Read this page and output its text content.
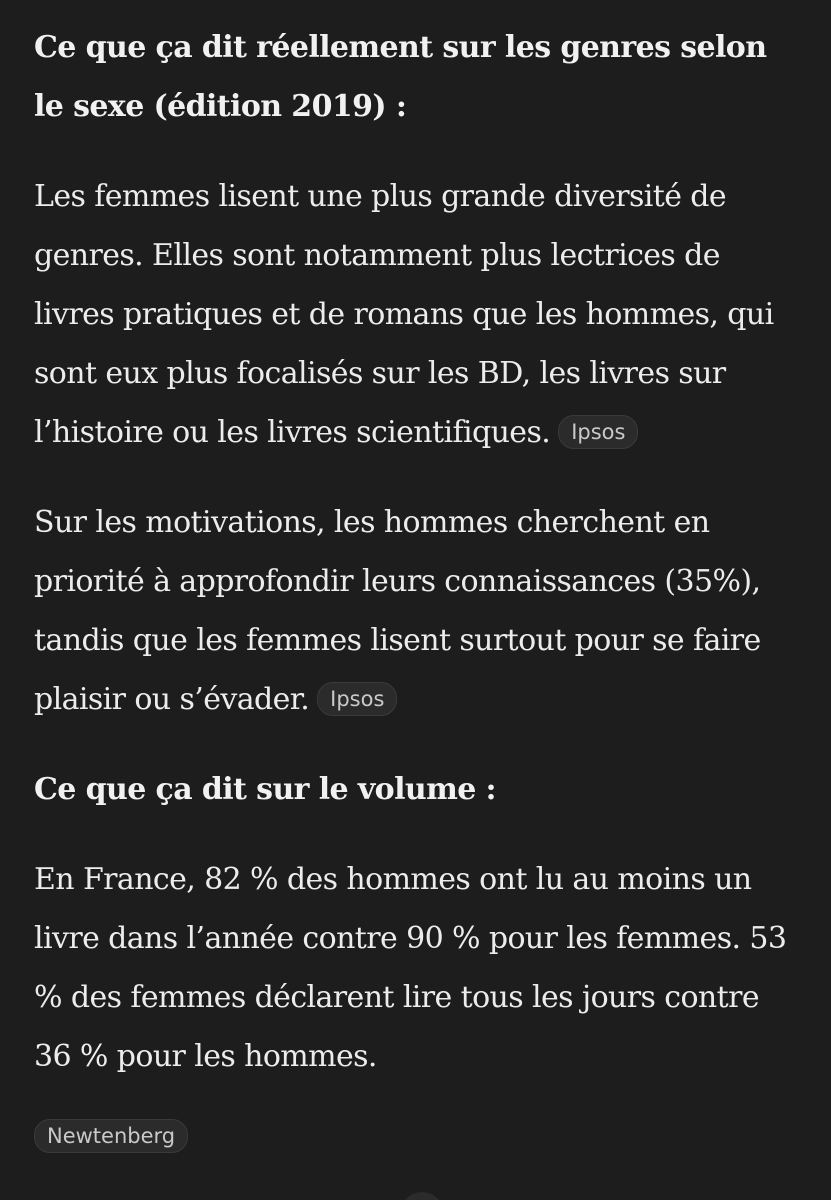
Ce que ça dit réellement sur les genres selon le sexe (édition 2019) :
Les femmes lisent une plus grande diversité de genres. Elles sont notamment plus lectrices de livres pratiques et de romans que les hommes, qui sont eux plus focalisés sur les BD, les livres sur l’histoire ou les livres scientifiques. Ipsos
Sur les motivations, les hommes cherchent en priorité à approfondir leurs connaissances (35%), tandis que les femmes lisent surtout pour se faire plaisir ou s’évader. Ipsos
Ce que ça dit sur le volume :
En France, 82 % des hommes ont lu au moins un livre dans l’année contre 90 % pour les femmes. 53 % des femmes déclarent lire tous les jours contre 36 % pour les hommes.
Newtenberg
